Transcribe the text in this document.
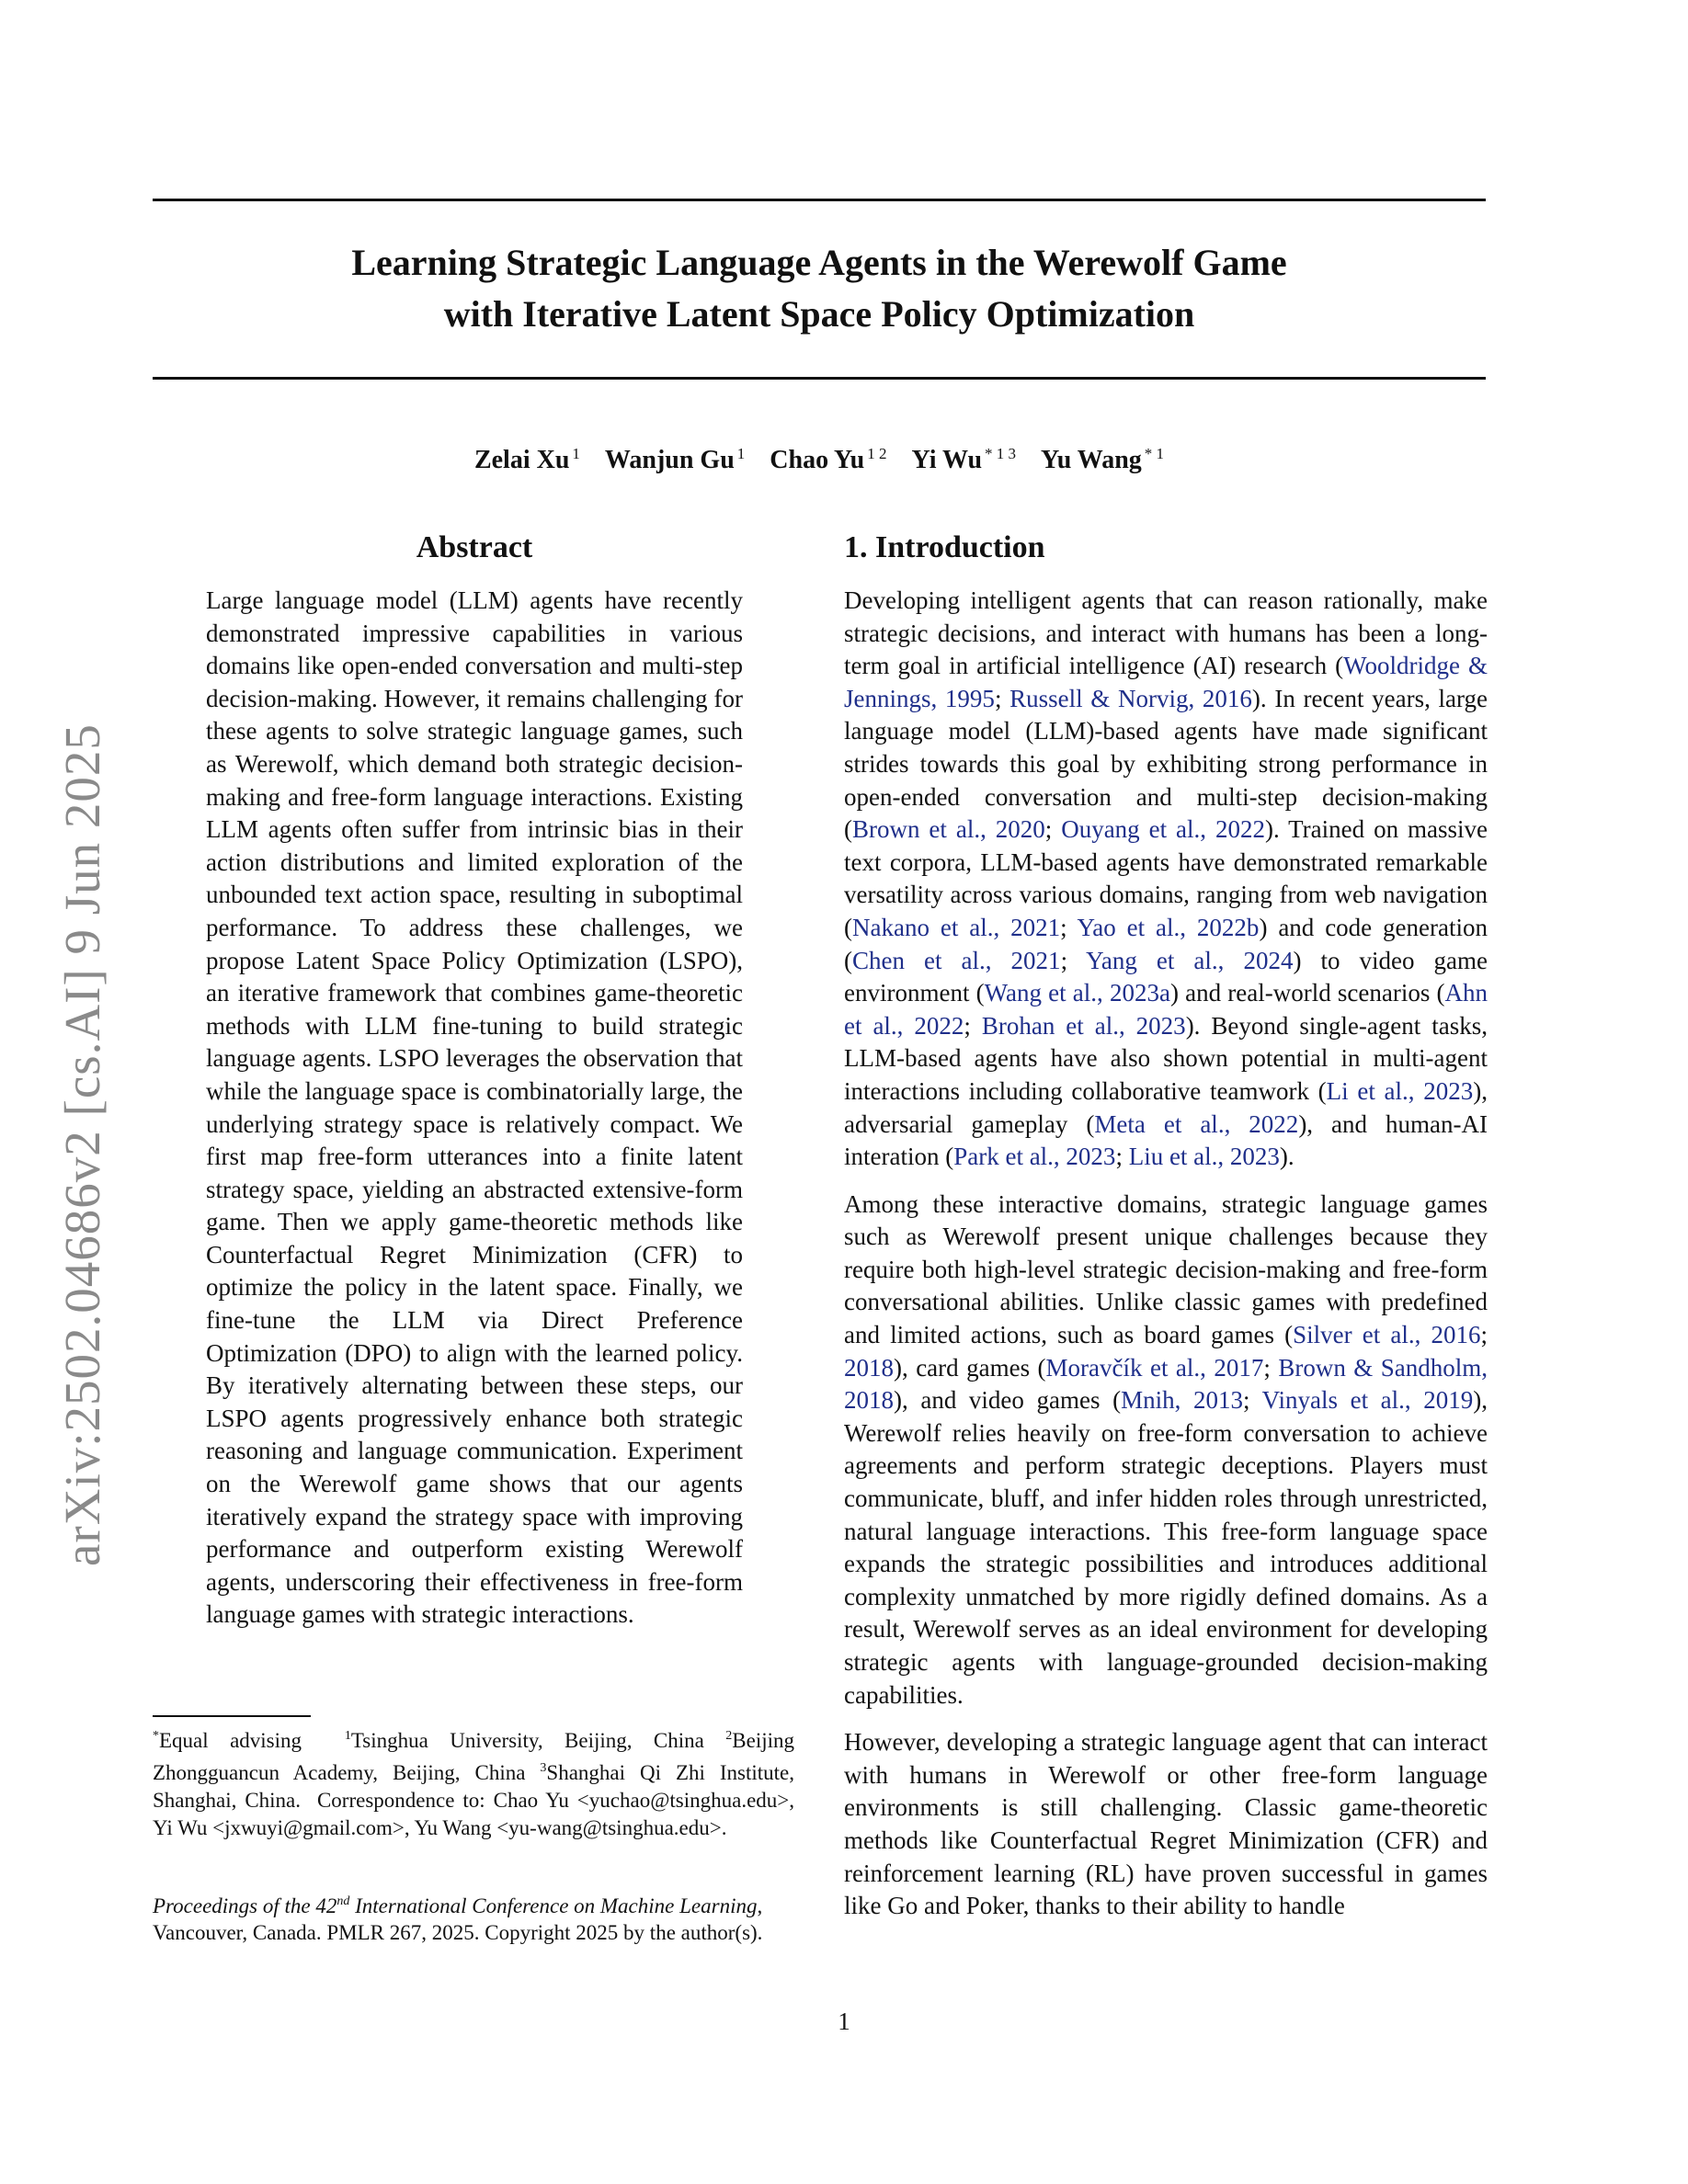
arXiv:2502.04686v2 [cs.AI] 9 Jun 2025
Learning Strategic Language Agents in the Werewolf Game
with Iterative Latent Space Policy Optimization
Zelai Xu $^1$ Wanjun Gu $^1$ Chao Yu $^{1 2}$ Yi Wu $^{* 1 3}$ Yu Wang $^{* 1}$
Abstract
Large language model (LLM) agents have recently demonstrated impressive capabilities in various domains like open-ended conversation and multi-step decision-making. However, it remains challenging for these agents to solve strategic language games, such as Werewolf, which demand both strategic decision-making and free-form language interactions. Existing LLM agents often suffer from intrinsic bias in their action distributions and limited exploration of the unbounded text action space, resulting in suboptimal performance. To address these challenges, we propose Latent Space Policy Optimization (LSPO), an iterative framework that combines game-theoretic methods with LLM fine-tuning to build strategic language agents. LSPO leverages the observation that while the language space is combinatorially large, the underlying strategy space is relatively compact. We first map free-form utterances into a finite latent strategy space, yielding an abstracted extensive-form game. Then we apply game-theoretic methods like Counterfactual Regret Minimization (CFR) to optimize the policy in the latent space. Finally, we fine-tune the LLM via Direct Preference Optimization (DPO) to align with the learned policy. By iteratively alternating between these steps, our LSPO agents progressively enhance both strategic reasoning and language communication. Experiment on the Werewolf game shows that our agents iteratively expand the strategy space with improving performance and outperform existing Werewolf agents, underscoring their effectiveness in free-form language games with strategic interactions.
*Equal advising	$^1$Tsinghua University, Beijing, China $^2$Beijing Zhongguancun Academy, Beijing, China $^3$Shanghai Qi Zhi Institute, Shanghai, China. Correspondence to: Chao Yu <yuchao@tsinghua.edu>, Yi Wu <jxwuyi@gmail.com>, Yu Wang <yu-wang@tsinghua.edu>.
Proceedings of the 42nd International Conference on Machine Learning, Vancouver, Canada. PMLR 267, 2025. Copyright 2025 by the author(s).
1. Introduction

Developing intelligent agents that can reason rationally, make strategic decisions, and interact with humans has been a long-term goal in artificial intelligence (AI) research (Wooldridge & Jennings, 1995; Russell & Norvig, 2016). In recent years, large language model (LLM)-based agents have made significant strides towards this goal by exhibiting strong performance in open-ended conversation and multi-step decision-making (Brown et al., 2020; Ouyang et al., 2022). Trained on massive text corpora, LLM-based agents have demonstrated remarkable versatility across various domains, ranging from web navigation (Nakano et al., 2021; Yao et al., 2022b) and code generation (Chen et al., 2021; Yang et al., 2024) to video game environment (Wang et al., 2023a) and real-world scenarios (Ahn et al., 2022; Brohan et al., 2023). Beyond single-agent tasks, LLM-based agents have also shown potential in multi-agent interactions including collaborative teamwork (Li et al., 2023), adversarial gameplay (Meta et al., 2022), and human-AI interation (Park et al., 2023; Liu et al., 2023).

Among these interactive domains, strategic language games such as Werewolf present unique challenges because they require both high-level strategic decision-making and free-form conversational abilities. Unlike classic games with predefined and limited actions, such as board games (Silver et al., 2016; 2018), card games (Moravčík et al., 2017; Brown & Sandholm, 2018), and video games (Mnih, 2013; Vinyals et al., 2019), Werewolf relies heavily on free-form conversation to achieve agreements and perform strategic deceptions. Players must communicate, bluff, and infer hidden roles through unrestricted, natural language interactions. This free-form language space expands the strategic possibilities and introduces additional complexity unmatched by more rigidly defined domains. As a result, Werewolf serves as an ideal environment for developing strategic agents with language-grounded decision-making capabilities.

However, developing a strategic language agent that can interact with humans in Werewolf or other free-form language environments is still challenging. Classic game-theoretic methods like Counterfactual Regret Minimization (CFR) and reinforcement learning (RL) have proven successful in games like Go and Poker, thanks to their ability to handle

1
